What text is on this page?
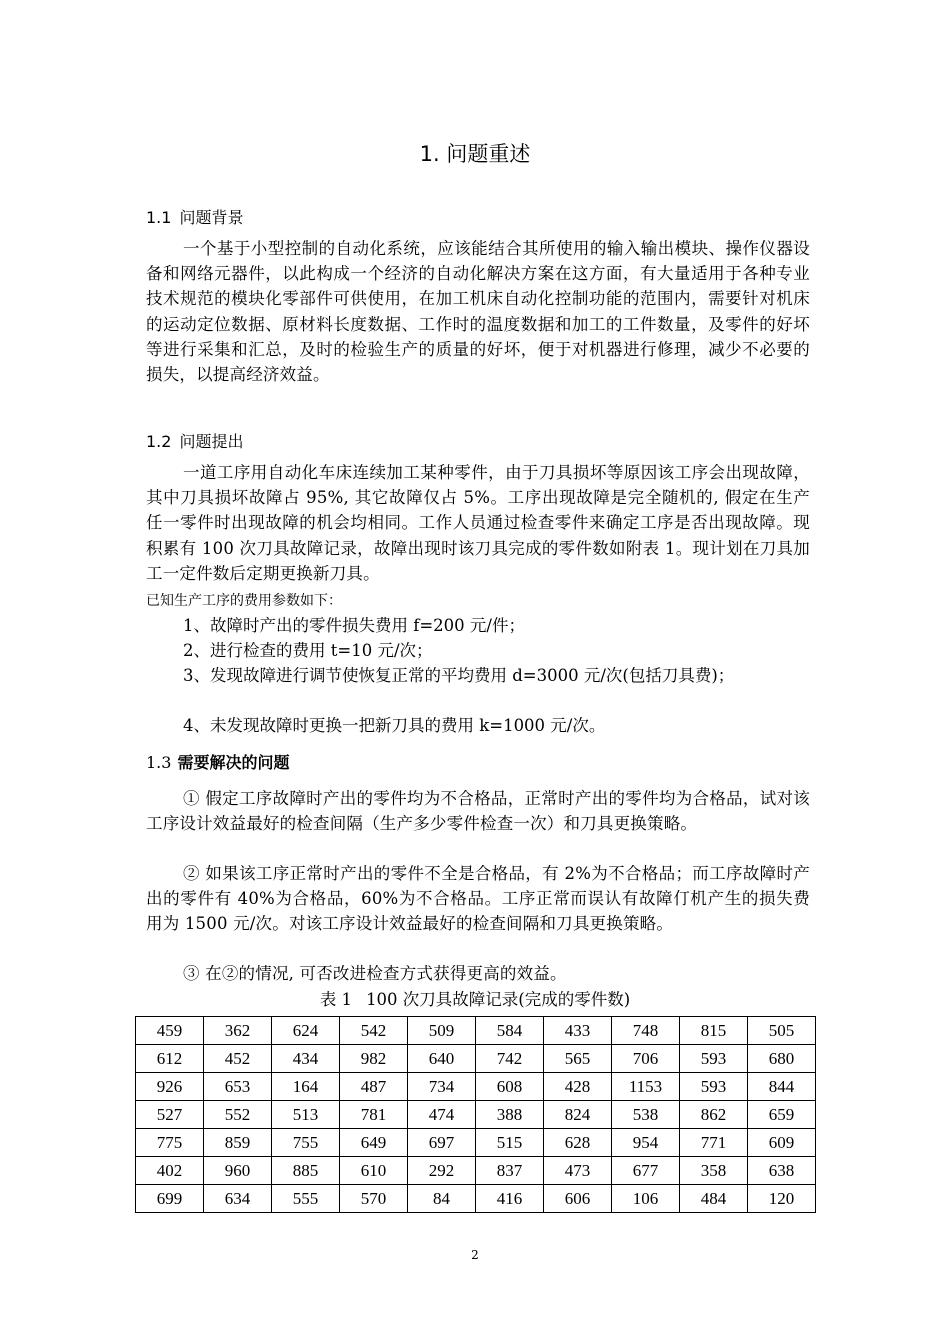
1. 问题重述
1.1 问题背景

一个基于小型控制的自动化系统，应该能结合其所使用的输入输出模块、操作仪器设备和网络元器件，以此构成一个经济的自动化解决方案在这方面，有大量适用于各种专业技术规范的模块化零部件可供使用，在加工机床自动化控制功能的范围内，需要针对机床的运动定位数据、原材料长度数据、工作时的温度数据和加工的工件数量，及零件的好坏等进行采集和汇总，及时的检验生产的质量的好坏，便于对机器进行修理，减少不必要的损失，以提高经济效益。

1.2 问题提出

一道工序用自动化车床连续加工某种零件，由于刀具损坏等原因该工序会出现故障，其中刀具损坏故障占 95%, 其它故障仅占 5%。工序出现故障是完全随机的, 假定在生产任一零件时出现故障的机会均相同。工作人员通过检查零件来确定工序是否出现故障。现积累有 100 次刀具故障记录，故障出现时该刀具完成的零件数如附表 1。现计划在刀具加工一定件数后定期更换新刀具。

已知生产工序的费用参数如下：
1、故障时产出的零件损失费用 f=200 元/件；
2、进行检查的费用 t=10 元/次；
3、发现故障进行调节使恢复正常的平均费用 d=3000 元/次(包括刀具费)；
4、未发现故障时更换一把新刀具的费用 k=1000 元/次。
1.3 需要解决的问题

① 假定工序故障时产出的零件均为不合格品，正常时产出的零件均为合格品，试对该工序设计效益最好的检查间隔（生产多少零件检查一次）和刀具更换策略。

② 如果该工序正常时产出的零件不全是合格品，有 2%为不合格品；而工序故障时产出的零件有 40%为合格品，60%为不合格品。工序正常而误认有故障仃机产生的损失费用为 1500 元/次。对该工序设计效益最好的检查间隔和刀具更换策略。

③ 在②的情况, 可否改进检查方式获得更高的效益。

表 1 100 次刀具故障记录(完成的零件数)
459	362	624	542	509	584	433	748	815	505
612	452	434	982	640	742	565	706	593	680
926	653	164	487	734	608	428	1153	593	844
527	552	513	781	474	388	824	538	862	659
775	859	755	649	697	515	628	954	771	609
402	960	885	610	292	837	473	677	358	638
699	634	555	570	84	416	606	106	484	120
2
